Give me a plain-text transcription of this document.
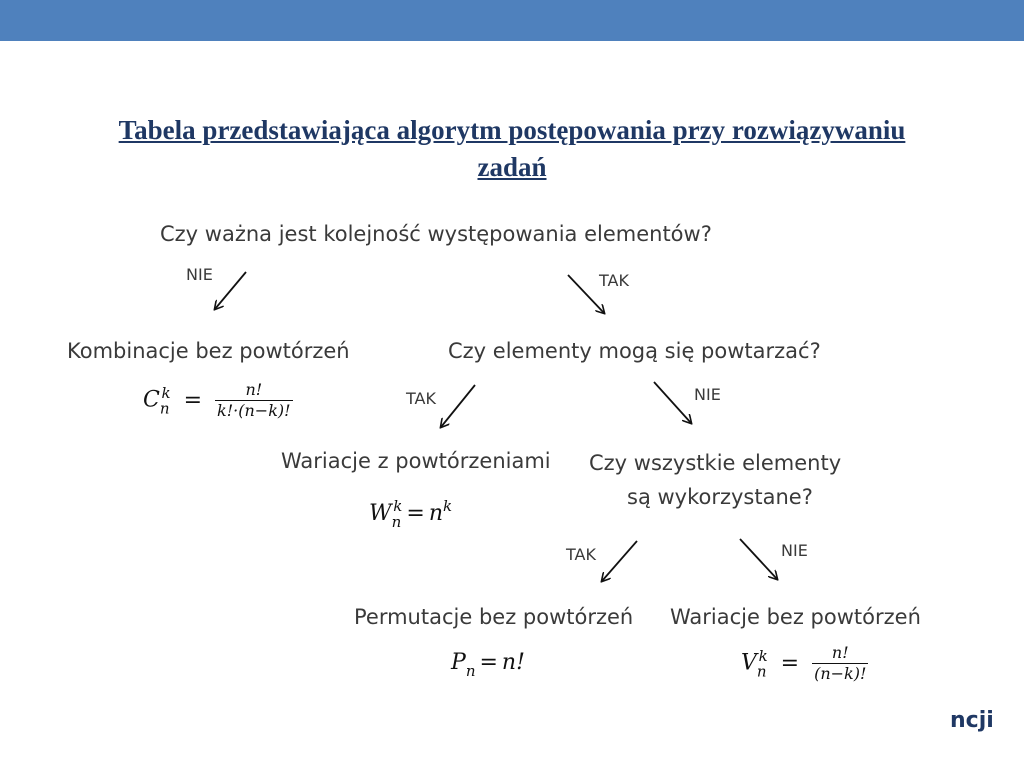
Tabela przedstawiająca algorytm postępowania przy rozwiązywaniu zadań
Czy ważna jest kolejność występowania elementów?
Czy elementy mogą się powtarzać?
Czy wszystkie elementy
są wykorzystane?
NIE	TAK
TAK	NIE
TAK	NIE
Kombinacje bez powtórzeń
Wariacje z powtórzeniami
Permutacje bez powtórzeń Wariacje bez powtórzeń
$C_n^k = \frac{n!}{k!\cdot(n-k)!}$
$W_n^k = n^k$
$P_n = n$!	$V_n^k = \frac{n!}{(n-k)!}$
ncji
